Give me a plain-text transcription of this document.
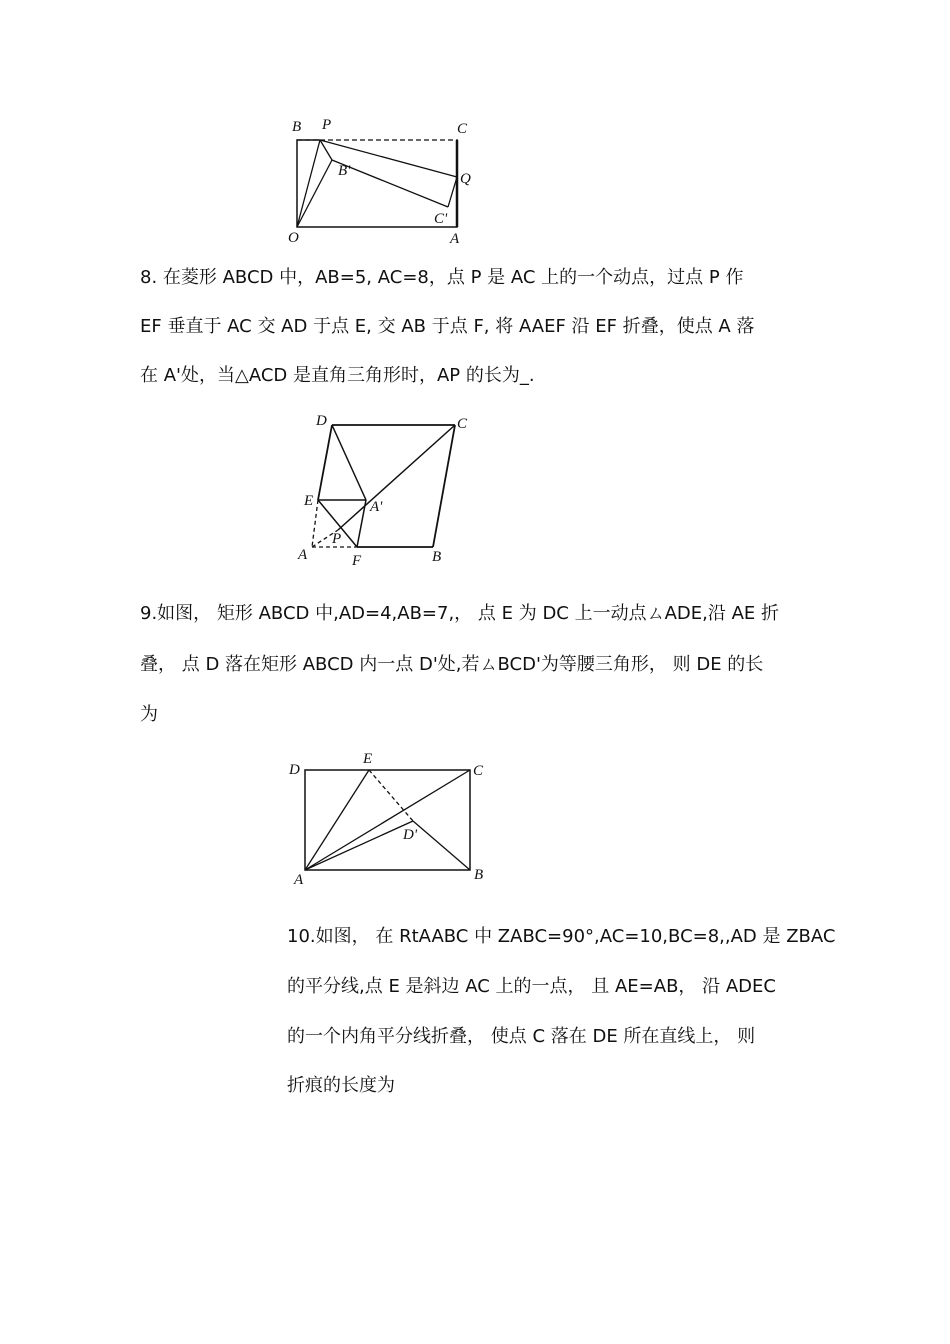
B P	C
B'	Q
C'
O	A
8. 在菱形 ABCD 中，AB=5, AC=8，点 P 是 AC 上的一个动点，过点 P 作
EF 垂直于 AC 交 AD 于点 E, 交 AB 于点 F, 将 AAEF 沿 EF 折叠，使点 A 落
在 A'处，当△ACD 是直角三角形时，AP 的长为_.
D	C
E	A'
A
P
F	B
9.如图， 矩形 ABCD 中,AD=4,AB=7,， 点 E 为 DC 上一动点ㄙADE,沿 AE 折
叠， 点 D 落在矩形 ABCD 内一点 D'处,若ㄙBCD'为等腰三角形， 则 DE 的长
为
D
E
C
D'
A	B
10.如图， 在 RtAABC 中 ZABC=90°,AC=10,BC=8,,AD 是 ZBAC
的平分线,点 E 是斜边 AC 上的一点， 且 AE=AB， 沿 ADEC
的一个内角平分线折叠， 使点 C 落在 DE 所在直线上， 则
折痕的长度为
